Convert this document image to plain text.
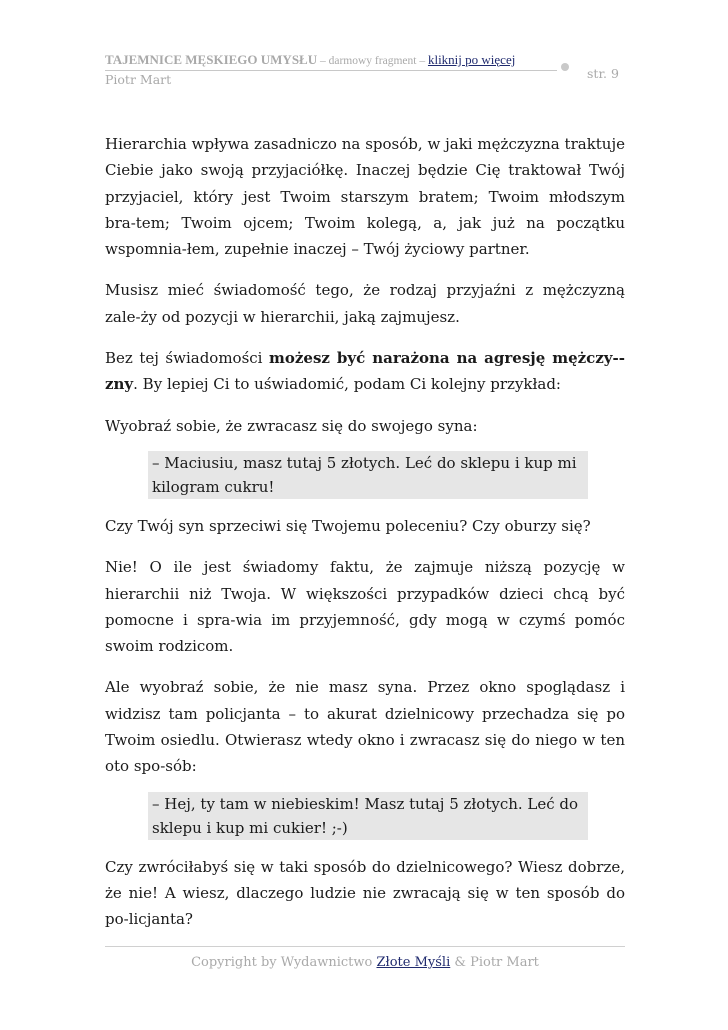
TAJEMNICE MĘSKIEGO UMYSŁU – darmowy fragment – kliknij po więcej
str. 9
Piotr Mart

Hierarchia wpływa zasadniczo na sposób, w jaki mężczyzna traktuje Ciebie jako swoją przyjaciółkę. Inaczej będzie Cię traktował Twój przyjaciel, który jest Twoim starszym bratem; Twoim młodszym bra-tem; Twoim ojcem; Twoim kolegą, a, jak już na początku wspomnia-łem, zupełnie inaczej – Twój życiowy partner.

Musisz mieć świadomość tego, że rodzaj przyjaźni z mężczyzną zale-ży od pozycji w hierarchii, jaką zajmujesz.

Bez tej świadomości możesz być narażona na agresję mężczy-zny. By lepiej Ci to uświadomić, podam Ci kolejny przykład:

Wyobraź sobie, że zwracasz się do swojego syna:

– Maciusiu, masz tutaj 5 złotych. Leć do sklepu i kup mi kilogram cukru!

Czy Twój syn sprzeciwi się Twojemu poleceniu? Czy oburzy się?

Nie! O ile jest świadomy faktu, że zajmuje niższą pozycję w hierarchii niż Twoja. W większości przypadków dzieci chcą być pomocne i spra-wia im przyjemność, gdy mogą w czymś pomóc swoim rodzicom.

Ale wyobraź sobie, że nie masz syna. Przez okno spoglądasz i widzisz tam policjanta – to akurat dzielnicowy przechadza się po Twoim osiedlu. Otwierasz wtedy okno i zwracasz się do niego w ten oto spo-sób:

– Hej, ty tam w niebieskim! Masz tutaj 5 złotych. Leć do sklepu i kup mi cukier! ;-)

Czy zwróciłabyś się w taki sposób do dzielnicowego? Wiesz dobrze, że nie! A wiesz, dlaczego ludzie nie zwracają się w ten sposób do po-licjanta?

Copyright by Wydawnictwo Złote Myśli & Piotr Mart
